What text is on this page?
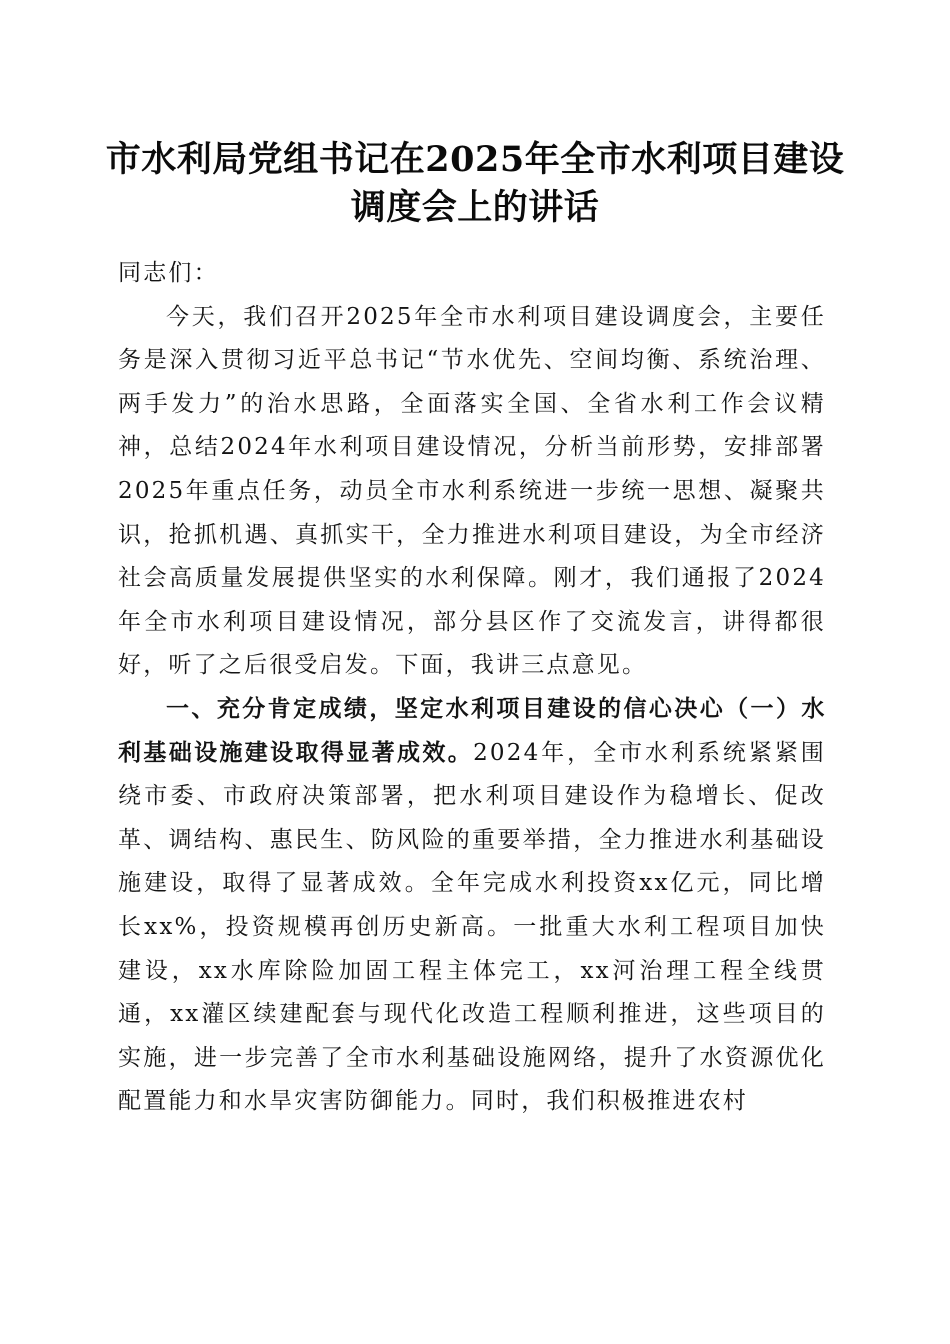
市水利局党组书记在2025年全市水利项目建设调度会上的讲话

同志们：

今天，我们召开2025年全市水利项目建设调度会，主要任务是深入贯彻习近平总书记“节水优先、空间均衡、系统治理、两手发力”的治水思路，全面落实全国、全省水利工作会议精神，总结2024年水利项目建设情况，分析当前形势，安排部署2025年重点任务，动员全市水利系统进一步统一思想、凝聚共识，抢抓机遇、真抓实干，全力推进水利项目建设，为全市经济社会高质量发展提供坚实的水利保障。刚才，我们通报了2024年全市水利项目建设情况，部分县区作了交流发言，讲得都很好，听了之后很受启发。下面，我讲三点意见。

一、充分肯定成绩，坚定水利项目建设的信心决心（一）水利基础设施建设取得显著成效。2024年，全市水利系统紧紧围绕市委、市政府决策部署，把水利项目建设作为稳增长、促改革、调结构、惠民生、防风险的重要举措，全力推进水利基础设施建设，取得了显著成效。全年完成水利投资xx亿元，同比增长xx%，投资规模再创历史新高。一批重大水利工程项目加快建设，xx水库除险加固工程主体完工，xx河治理工程全线贯通，xx灌区续建配套与现代化改造工程顺利推进，这些项目的实施，进一步完善了全市水利基础设施网络，提升了水资源优化配置能力和水旱灾害防御能力。同时，我们积极推进农村
